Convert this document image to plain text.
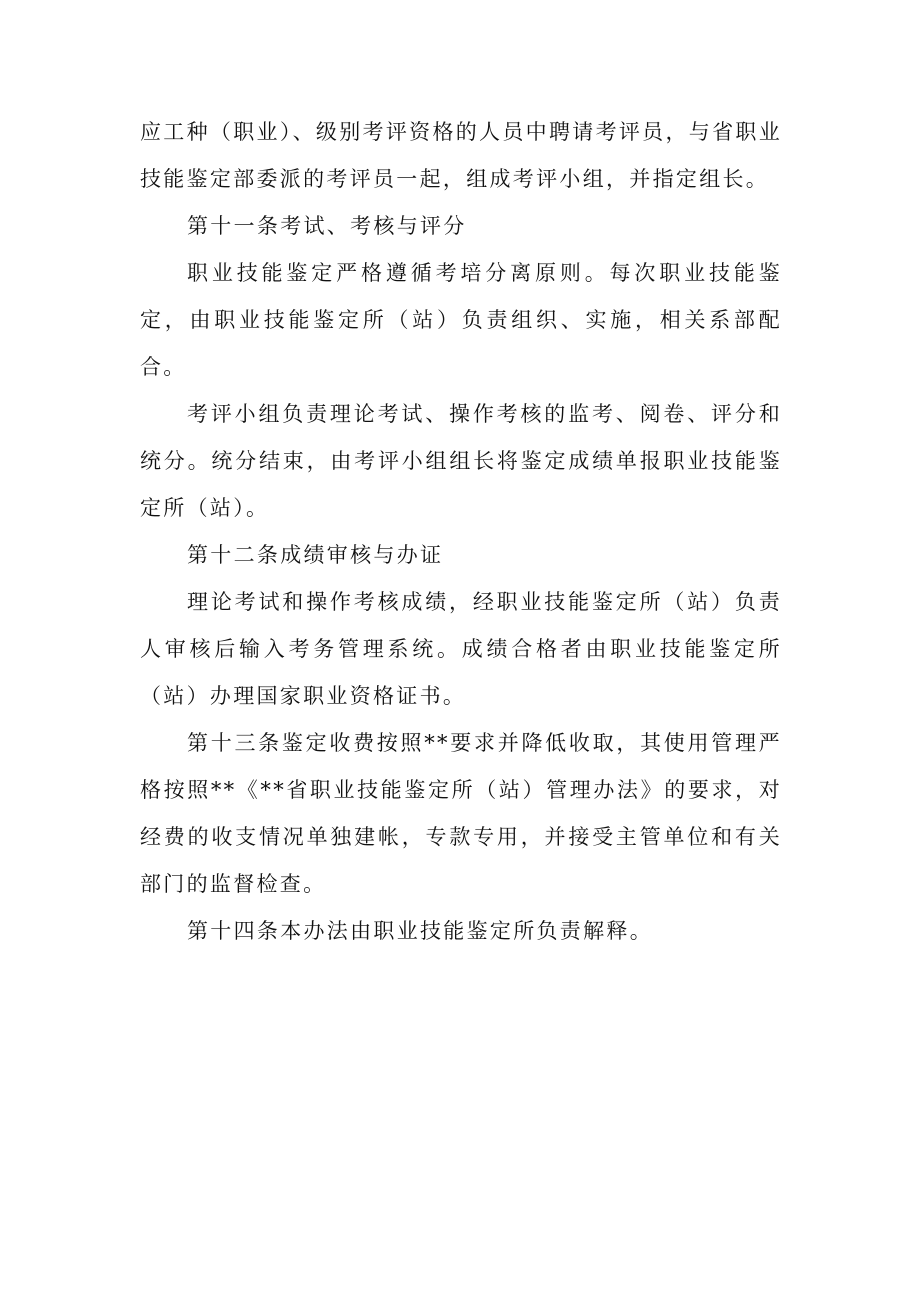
应工种（职业）、级别考评资格的人员中聘请考评员，与省职业技能鉴定部委派的考评员一起，组成考评小组，并指定组长。

第十一条考试、考核与评分

职业技能鉴定严格遵循考培分离原则。每次职业技能鉴定，由职业技能鉴定所（站）负责组织、实施，相关系部配合。

考评小组负责理论考试、操作考核的监考、阅卷、评分和统分。统分结束，由考评小组组长将鉴定成绩单报职业技能鉴定所（站）。

第十二条成绩审核与办证

理论考试和操作考核成绩，经职业技能鉴定所（站）负责人审核后输入考务管理系统。成绩合格者由职业技能鉴定所（站）办理国家职业资格证书。

第十三条鉴定收费按照**要求并降低收取，其使用管理严格按照**《**省职业技能鉴定所（站）管理办法》的要求，对经费的收支情况单独建帐，专款专用，并接受主管单位和有关部门的监督检查。

第十四条本办法由职业技能鉴定所负责解释。
